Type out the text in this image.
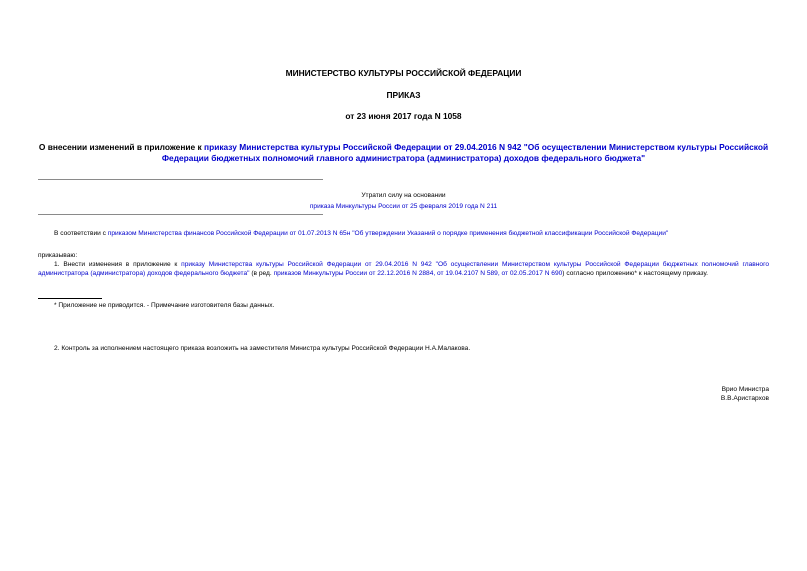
МИНИСТЕРСТВО КУЛЬТУРЫ РОССИЙСКОЙ ФЕДЕРАЦИИ
ПРИКАЗ
от 23 июня 2017 года N 1058
О внесении изменений в приложение к приказу Министерства культуры Российской Федерации от 29.04.2016 N 942 "Об осуществлении Министерством культуры Российской Федерации бюджетных полномочий главного администратора (администратора) доходов федерального бюджета"
Утратил силу на основании
приказа Минкультуры России от 25 февраля 2019 года N 211
В соответствии с приказом Министерства финансов Российской Федерации от 01.07.2013 N 65н "Об утверждении Указаний о порядке применения бюджетной классификации Российской Федерации"
приказываю:
1. Внести изменения в приложение к приказу Министерства культуры Российской Федерации от 29.04.2016 N 942 "Об осуществлении Министерством культуры Российской Федерации бюджетных полномочий главного администратора (администратора) доходов федерального бюджета" (в ред. приказов Минкультуры России от 22.12.2016 N 2884, от 19.04.2107 N 589, от 02.05.2017 N 690) согласно приложению* к настоящему приказу.
* Приложение не приводится. - Примечание изготовителя базы данных.
2. Контроль за исполнением настоящего приказа возложить на заместителя Министра культуры Российской Федерации Н.А.Малакова.
Врио Министра
В.В.Аристархов
